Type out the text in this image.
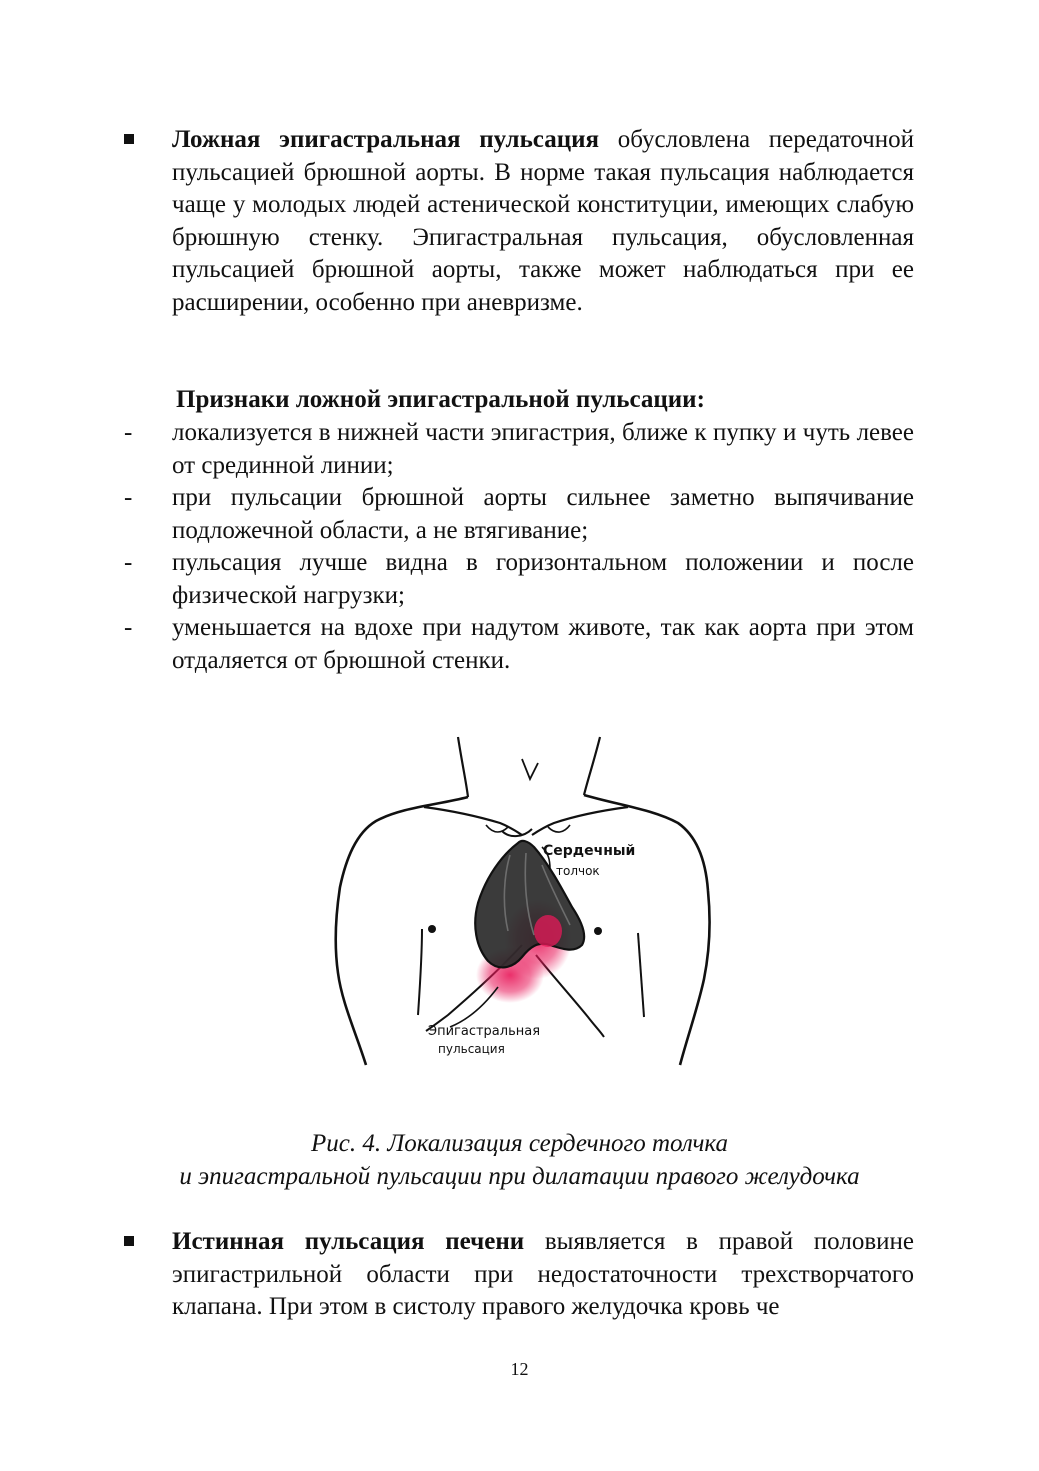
Ложная эпигастральная пульсация обусловлена передаточной пульсацией брюшной аорты. В норме такая пульсация наблюдается чаще у молодых людей астенической конституции, имеющих слабую брюшную стенку. Эпигастральная пульсация, обусловленная пульсацией брюшной аорты, также может наблюдаться при ее расширении, особенно при аневризме.
Признаки ложной эпигастральной пульсации:
- локализуется в нижней части эпигастрия, ближе к пупку и чуть левее от срединной линии;
- при пульсации брюшной аорты сильнее заметно выпячивание подложечной области, а не втягивание;
- пульсация лучше видна в горизонтальном положении и после физической нагрузки;
- уменьшается на вдохе при надутом животе, так как аорта при этом отдаляется от брюшной стенки.
Сердечный
толчок
Эпигастральная
пульсация
Рис. 4. Локализация сердечного толчка
и эпигастральной пульсации при дилатации правого желудочка
Истинная пульсация печени выявляется в правой половине эпигастрильной области при недостаточности трехстворчатого клапана. При этом в систолу правого желудочка кровь че
12
